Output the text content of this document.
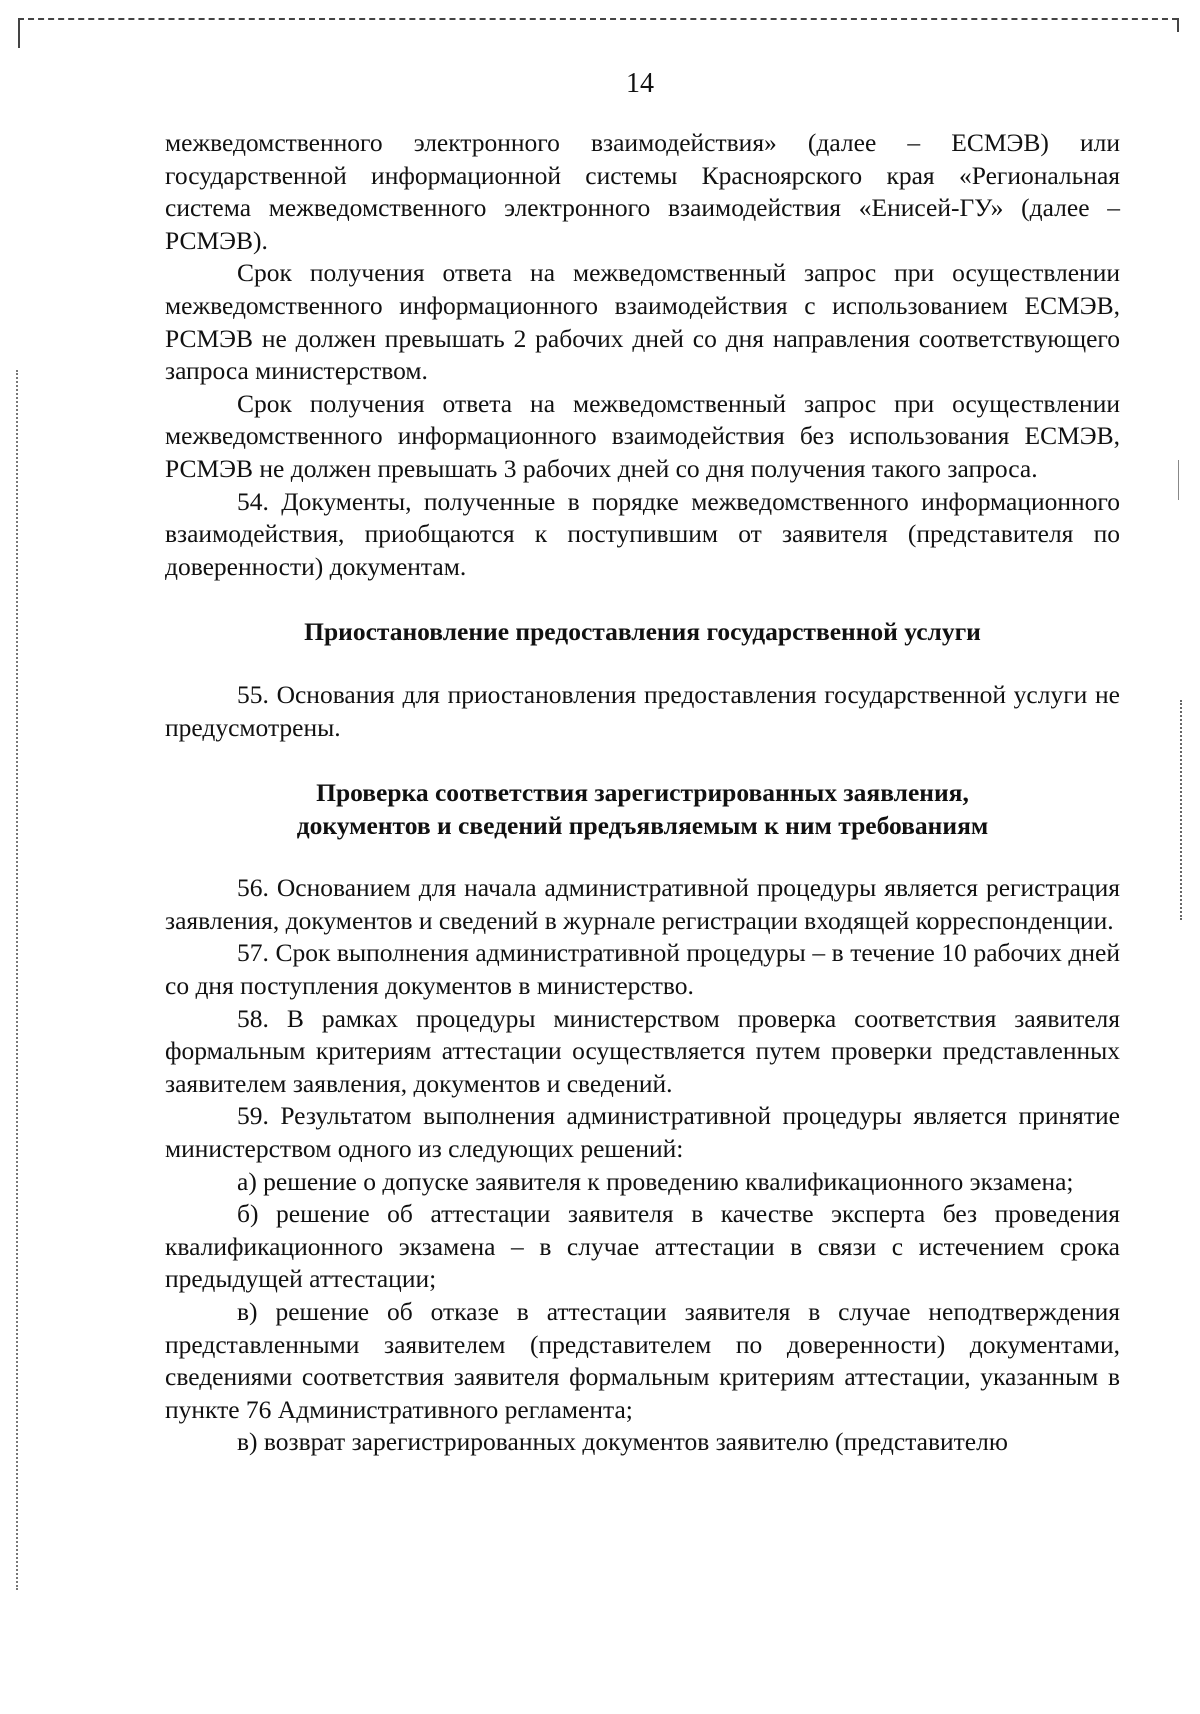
14

межведомственного электронного взаимодействия» (далее – ЕСМЭВ) или государственной информационной системы Красноярского края «Региональная система межведомственного электронного взаимодействия «Енисей-ГУ» (далее – РСМЭВ).

Срок получения ответа на межведомственный запрос при осуществлении межведомственного информационного взаимодействия с использованием ЕСМЭВ, РСМЭВ не должен превышать 2 рабочих дней со дня направления соответствующего запроса министерством.

Срок получения ответа на межведомственный запрос при осуществлении межведомственного информационного взаимодействия без использования ЕСМЭВ, РСМЭВ не должен превышать 3 рабочих дней со дня получения такого запроса.

54. Документы, полученные в порядке межведомственного информационного взаимодействия, приобщаются к поступившим от заявителя (представителя по доверенности) документам.

Приостановление предоставления государственной услуги

55. Основания для приостановления предоставления государственной услуги не предусмотрены.

Проверка соответствия зарегистрированных заявления,

документов и сведений предъявляемым к ним требованиям

56. Основанием для начала административной процедуры является регистрация заявления, документов и сведений в журнале регистрации входящей корреспонденции.

57. Срок выполнения административной процедуры – в течение 10 рабочих дней со дня поступления документов в министерство.

58. В рамках процедуры министерством проверка соответствия заявителя формальным критериям аттестации осуществляется путем проверки представленных заявителем заявления, документов и сведений.

59. Результатом выполнения административной процедуры является принятие министерством одного из следующих решений:

а) решение о допуске заявителя к проведению квалификационного экзамена;

б) решение об аттестации заявителя в качестве эксперта без проведения квалификационного экзамена – в случае аттестации в связи с истечением срока предыдущей аттестации;

в) решение об отказе в аттестации заявителя в случае неподтверждения представленными заявителем (представителем по доверенности) документами, сведениями соответствия заявителя формальным критериям аттестации, указанным в пункте 76 Административного регламента;

в) возврат зарегистрированных документов заявителю (представителю
